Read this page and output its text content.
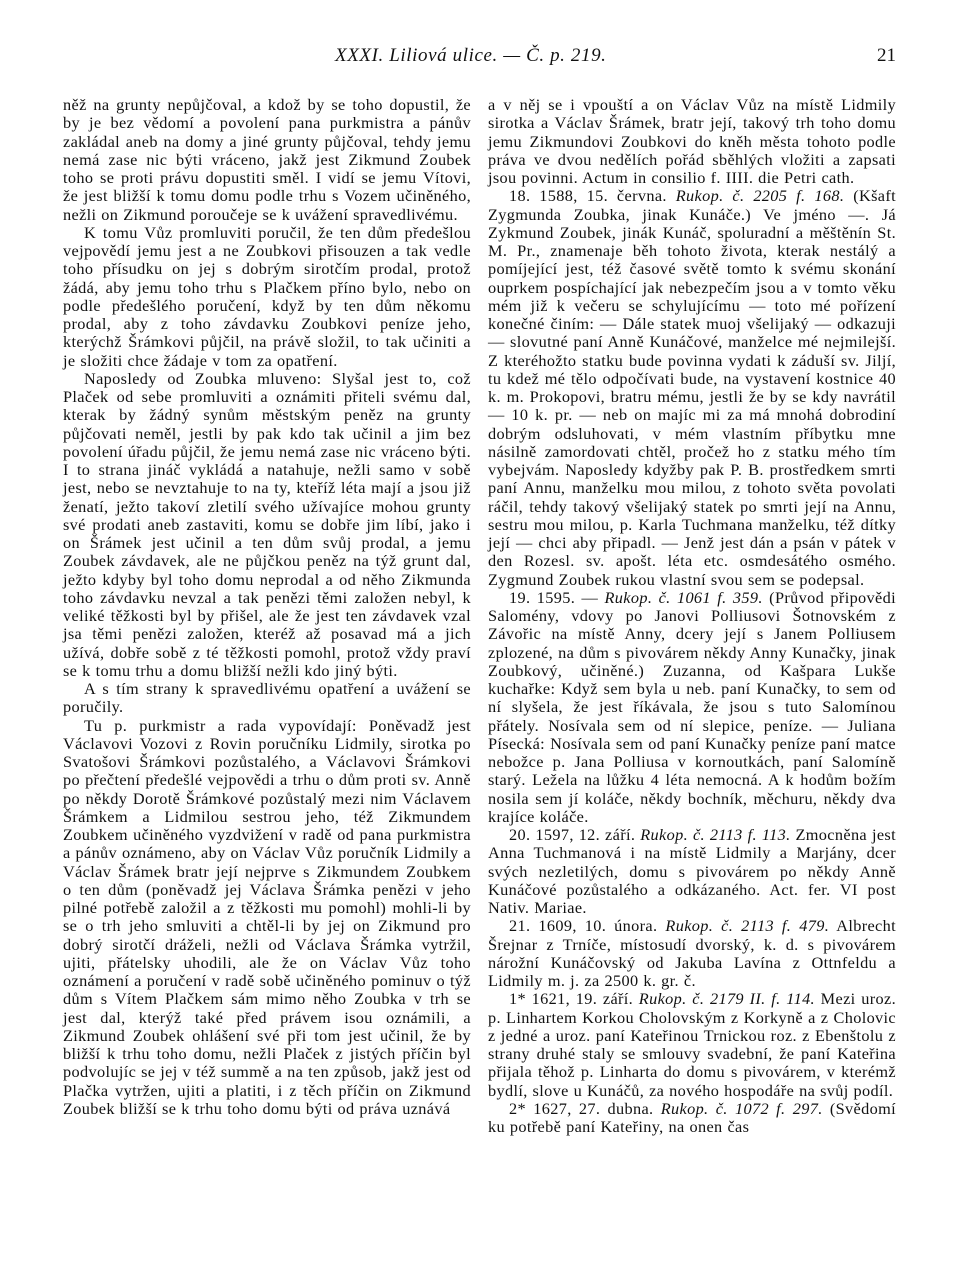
XXXI. Liliová ulice. — Č. p. 219.	21

něž na grunty nepůjčoval, a kdož by se toho dopustil, že by je bez vědomí a povolení pana purkmistra a pánův zakládal aneb na domy a jiné grunty půjčoval, tehdy jemu nemá zase nic býti vráceno, jakž jest Zikmund Zoubek toho se proti právu dopustiti směl. I vidí se jemu Vítovi, že jest bližší k tomu domu podle trhu s Vozem učiněného, nežli on Zikmund poroučeje se k uvážení spravedlivému.

K tomu Vůz promluviti poručil, že ten dům předešlou vejpovědí jemu jest a ne Zoubkovi přisouzen a tak vedle toho přísudku on jej s dobrým sirotčím prodal, protož žádá, aby jemu toho trhu s Plačkem příno bylo, nebo on podle předešlého poručení, když by ten dům někomu prodal, aby z toho závdavku Zoubkovi peníze jeho, kterýchž Šrámkovi půjčil, na právě složil, to tak učiniti a je složiti chce žádaje v tom za opatření.

Naposledy od Zoubka mluveno: Slyšal jest to, což Plaček od sebe promluviti a oznámiti přiteli svému dal, kterak by žádný synům městským peněz na grunty půjčovati neměl, jestli by pak kdo tak učinil a jim bez povolení úřadu půjčil, že jemu nemá zase nic vráceno býti. I to strana jináč vykládá a natahuje, nežli samo v sobě jest, nebo se nevztahuje to na ty, kteříž léta mají a jsou již ženatí, ježto takoví zletilí svého užívajíce mohou grunty své prodati aneb zastaviti, komu se dobře jim líbí, jako i on Šrámek jest učinil a ten dům svůj prodal, a jemu Zoubek závdavek, ale ne půjčkou peněz na týž grunt dal, ježto kdyby byl toho domu neprodal a od něho Zikmunda toho závdavku nevzal a tak penězi těmi založen nebyl, k veliké těžkosti byl by přišel, ale že jest ten závdavek vzal jsa těmi penězi založen, kteréž až posavad má a jich užívá, dobře sobě z té těžkosti pomohl, protož vždy praví se k tomu trhu a domu bližší nežli kdo jiný býti.

A s tím strany k spravedlivému opatření a uvážení se poručily.

Tu p. purkmistr a rada vypovídají: Poněvadž jest Václavovi Vozovi z Rovin poručníku Lidmily, sirotka po Svatošovi Šrámkovi pozůstalého, a Václavovi Šrámkovi po přečtení předešlé vejpovědi a trhu o dům proti sv. Anně po někdy Dorotě Šrámkové pozůstalý mezi nim Václavem Šrámkem a Lidmilou sestrou jeho, též Zikmundem Zoubkem učiněného vyzdvižení v radě od pana purkmistra a pánův oznámeno, aby on Václav Vůz poručník Lidmily a Václav Šrámek bratr její nejprve s Zikmundem Zoubkem o ten dům (poněvadž jej Václava Šrámka penězi v jeho pilné potřebě založil a z těžkosti mu pomohl) mohli-li by se o trh jeho smluviti a chtěl-li by jej on Zikmund pro dobrý sirotčí dráželi, nežli od Václava Šrámka vytržil, ujiti, přátelsky uhodili, ale že on Václav Vůz toho oznámení a poručení v radě sobě učiněného pominuv o týž dům s Vítem Plačkem sám mimo něho Zoubka v trh se jest dal, kterýž také před právem isou oznámili, a Zikmund Zoubek ohlášení své při tom jest učinil, že by bližší k trhu toho domu, nežli Plaček z jistých příčin byl podvolujíc se jej v též summě a na ten způsob, jakž jest od Plačka vytržen, ujiti a platiti, i z těch příčin on Zikmund Zoubek bližší se k trhu toho domu býti od práva uznává

a v něj se i vpouští a on Václav Vůz na místě Lidmily sirotka a Václav Šrámek, bratr její, takový trh toho domu jemu Zikmundovi Zoubkovi do kněh města tohoto podle práva ve dvou nedělích pořád sběhlých vložiti a zapsati jsou povinni. Actum in consilio f. IIII. die Petri cath.

18. 1588, 15. června. Rukop. č. 2205 f. 168. (Kšaft Zygmunda Zoubka, jinak Kunáče.) Ve jméno —. Já Zykmund Zoubek, jinák Kunáč, spoluradní a měštěnín St. M. Pr., znamenaje běh tohoto života, kterak nestálý a pomíjející jest, též časové světě tomto k svému skonání ouprkem pospíchající jak nebezpečím jsou a v tomto věku mém již k večeru se schylujícímu — toto mé pořízení konečné činím: — Dále statek muoj všelijaký — odkazuji — slovutné paní Anně Kunáčové, manželce mé nejmilejší. Z kteréhožto statku bude povinna vydati k záduší sv. Jiljí, tu kdež mé tělo odpočívati bude, na vystavení kostnice 40 k. m. Prokopovi, bratru mému, jestli že by se kdy navrátil — 10 k. pr. — neb on majíc mi za má mnohá dobrodiní dobrým odsluhovati, v mém vlastním příbytku mne násilně zamordovati chtěl, pročež ho z statku mého tím vybejvám. Naposledy kdyžby pak P. B. prostředkem smrti paní Annu, manželku mou milou, z tohoto světa povolati ráčil, tehdy takový všelijaký statek po smrti její na Annu, sestru mou milou, p. Karla Tuchmana manželku, též dítky její — chci aby připadl. — Jenž jest dán a psán v pátek v den Rozesl. sv. apošt. léta etc. osmdesátého osmého. Zygmund Zoubek rukou vlastní svou sem se podepsal.

19. 1595. — Rukop. č. 1061 f. 359. (Průvod připovědi Salomény, vdovy po Janovi Polliusovi Šotnovském z Závořic na místě Anny, dcery její s Janem Polliusem zplozené, na dům s pivovárem někdy Anny Kunačky, jinak Zoubkový, učiněné.) Zuzanna, od Kašpara Lukše kuchařke: Když sem byla u neb. paní Kunačky, to sem od ní slyšela, že jest říkávala, že jsou s tuto Salomínou přátely. Nosívala sem od ní slepice, peníze. — Juliana Písecká: Nosívala sem od paní Kunačky peníze paní matce nebožce p. Jana Polliusa v kornoutkách, paní Salomíně starý. Ležela na lůžku 4 léta nemocná. A k hodům božím nosila sem jí koláče, někdy bochník, měchuru, někdy dva krajíce koláče.

20. 1597, 12. září. Rukop. č. 2113 f. 113. Zmocněna jest Anna Tuchmanová i na místě Lidmily a Marjány, dcer svých nezletilých, domu s pivovárem po někdy Anně Kunáčové pozůstalého a odkázaného. Act. fer. VI post Nativ. Mariae.

21. 1609, 10. února. Rukop. č. 2113 f. 479. Albrecht Šrejnar z Trníče, místosudí dvorský, k. d. s pivovárem nárožní Kunáčovský od Jakuba Lavína z Ottnfeldu a Lidmily m. j. za 2500 k. gr. č.

1* 1621, 19. září. Rukop. č. 2179 II. f. 114. Mezi uroz. p. Linhartem Korkou Cholovským z Korkyně a z Cholovic z jedné a uroz. paní Kateřinou Trnickou roz. z Ebenštolu z strany druhé staly se smlouvy svadební, že paní Kateřina přijala těhož p. Linharta do domu s pivovárem, v kterémž bydlí, slove u Kunáčů, za nového hospodáře na svůj podíl.

2* 1627, 27. dubna. Rukop. č. 1072 f. 297. (Svědomí ku potřebě paní Kateřiny, na onen čas
